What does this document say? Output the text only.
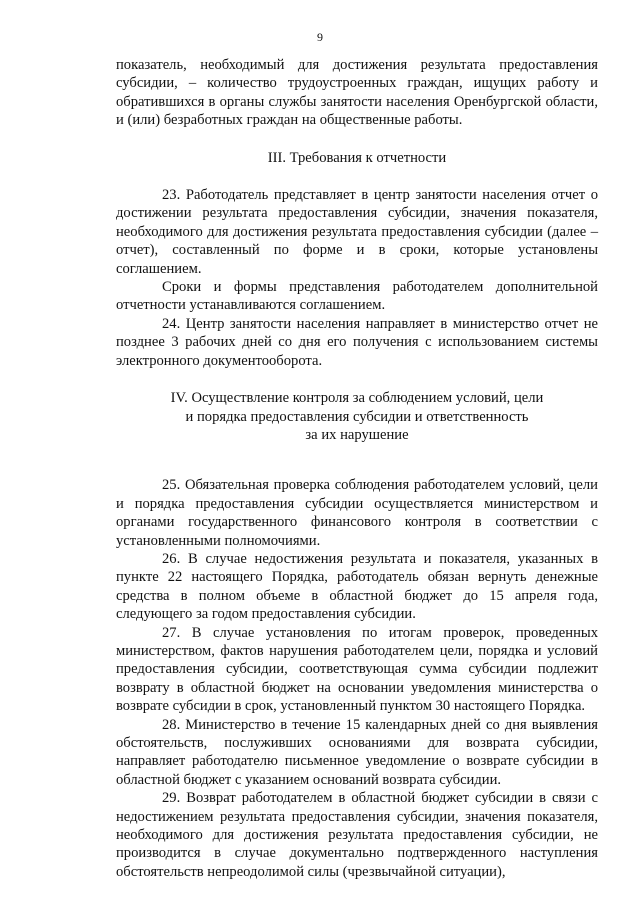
9

показатель, необходимый для достижения результата предоставления субсидии, – количество трудоустроенных граждан, ищущих работу и обратившихся в органы службы занятости населения Оренбургской области, и (или) безработных граждан на общественные работы.

III. Требования к отчетности

23. Работодатель представляет в центр занятости населения отчет о достижении результата предоставления субсидии, значения показателя, необходимого для достижения результата предоставления субсидии (далее – отчет), составленный по форме и в сроки, которые установлены соглашением.

Сроки и формы представления работодателем дополнительной отчетности устанавливаются соглашением.

24. Центр занятости населения направляет в министерство отчет не позднее 3 рабочих дней со дня его получения с использованием системы электронного документооборота.

IV. Осуществление контроля за соблюдением условий, цели
и порядка предоставления субсидии и ответственность
за их нарушение

25. Обязательная проверка соблюдения работодателем условий, цели и порядка предоставления субсидии осуществляется министерством и органами государственного финансового контроля в соответствии с установленными полномочиями.

26. В случае недостижения результата и показателя, указанных в пункте 22 настоящего Порядка, работодатель обязан вернуть денежные средства в полном объеме в областной бюджет до 15 апреля года, следующего за годом предоставления субсидии.

27. В случае установления по итогам проверок, проведенных министерством, фактов нарушения работодателем цели, порядка и условий предоставления субсидии, соответствующая сумма субсидии подлежит возврату в областной бюджет на основании уведомления министерства о возврате субсидии в срок, установленный пунктом 30 настоящего Порядка.

28. Министерство в течение 15 календарных дней со дня выявления обстоятельств, послуживших основаниями для возврата субсидии, направляет работодателю письменное уведомление о возврате субсидии в областной бюджет с указанием оснований возврата субсидии.

29. Возврат работодателем в областной бюджет субсидии в связи с недостижением результата предоставления субсидии, значения показателя, необходимого для достижения результата предоставления субсидии, не производится в случае документально подтвержденного наступления обстоятельств непреодолимой силы (чрезвычайной ситуации),
